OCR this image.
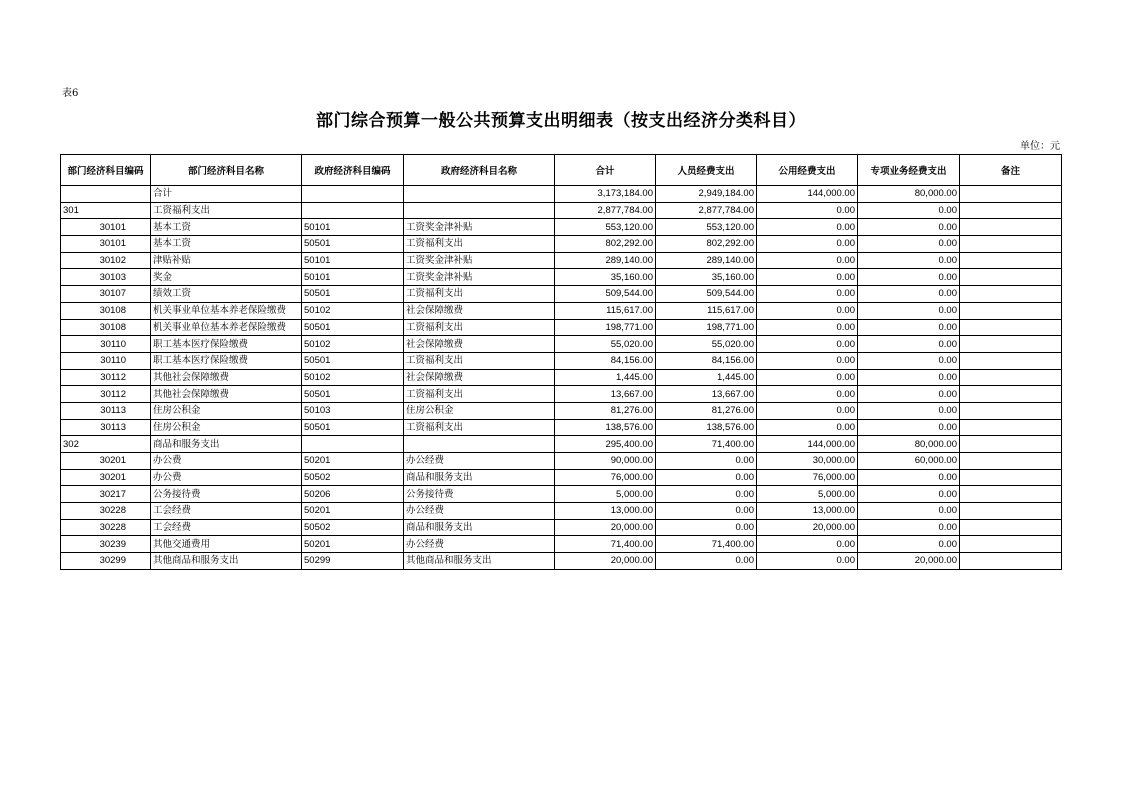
表6
部门综合预算一般公共预算支出明细表（按支出经济分类科目）
单位：元
部门经济科目编码	部门经济科目名称	政府经济科目编码	政府经济科目名称	合计	人员经费支出	公用经费支出	专项业务经费支出	备注
	合计			3,173,184.00	2,949,184.00	144,000.00	80,000.00	
301	工资福利支出			2,877,784.00	2,877,784.00	0.00	0.00	
30101	基本工资	50101	工资奖金津补贴	553,120.00	553,120.00	0.00	0.00	
30101	基本工资	50501	工资福利支出	802,292.00	802,292.00	0.00	0.00	
30102	津贴补贴	50101	工资奖金津补贴	289,140.00	289,140.00	0.00	0.00	
30103	奖金	50101	工资奖金津补贴	35,160.00	35,160.00	0.00	0.00	
30107	绩效工资	50501	工资福利支出	509,544.00	509,544.00	0.00	0.00	
30108	机关事业单位基本养老保险缴费	50102	社会保障缴费	115,617.00	115,617.00	0.00	0.00	
30108	机关事业单位基本养老保险缴费	50501	工资福利支出	198,771.00	198,771.00	0.00	0.00	
30110	职工基本医疗保险缴费	50102	社会保障缴费	55,020.00	55,020.00	0.00	0.00	
30110	职工基本医疗保险缴费	50501	工资福利支出	84,156.00	84,156.00	0.00	0.00	
30112	其他社会保障缴费	50102	社会保障缴费	1,445.00	1,445.00	0.00	0.00	
30112	其他社会保障缴费	50501	工资福利支出	13,667.00	13,667.00	0.00	0.00	
30113	住房公积金	50103	住房公积金	81,276.00	81,276.00	0.00	0.00	
30113	住房公积金	50501	工资福利支出	138,576.00	138,576.00	0.00	0.00	
302	商品和服务支出			295,400.00	71,400.00	144,000.00	80,000.00	
30201	办公费	50201	办公经费	90,000.00	0.00	30,000.00	60,000.00	
30201	办公费	50502	商品和服务支出	76,000.00	0.00	76,000.00	0.00	
30217	公务接待费	50206	公务接待费	5,000.00	0.00	5,000.00	0.00	
30228	工会经费	50201	办公经费	13,000.00	0.00	13,000.00	0.00	
30228	工会经费	50502	商品和服务支出	20,000.00	0.00	20,000.00	0.00	
30239	其他交通费用	50201	办公经费	71,400.00	71,400.00	0.00	0.00	
30299	其他商品和服务支出	50299	其他商品和服务支出	20,000.00	0.00	0.00	20,000.00	
